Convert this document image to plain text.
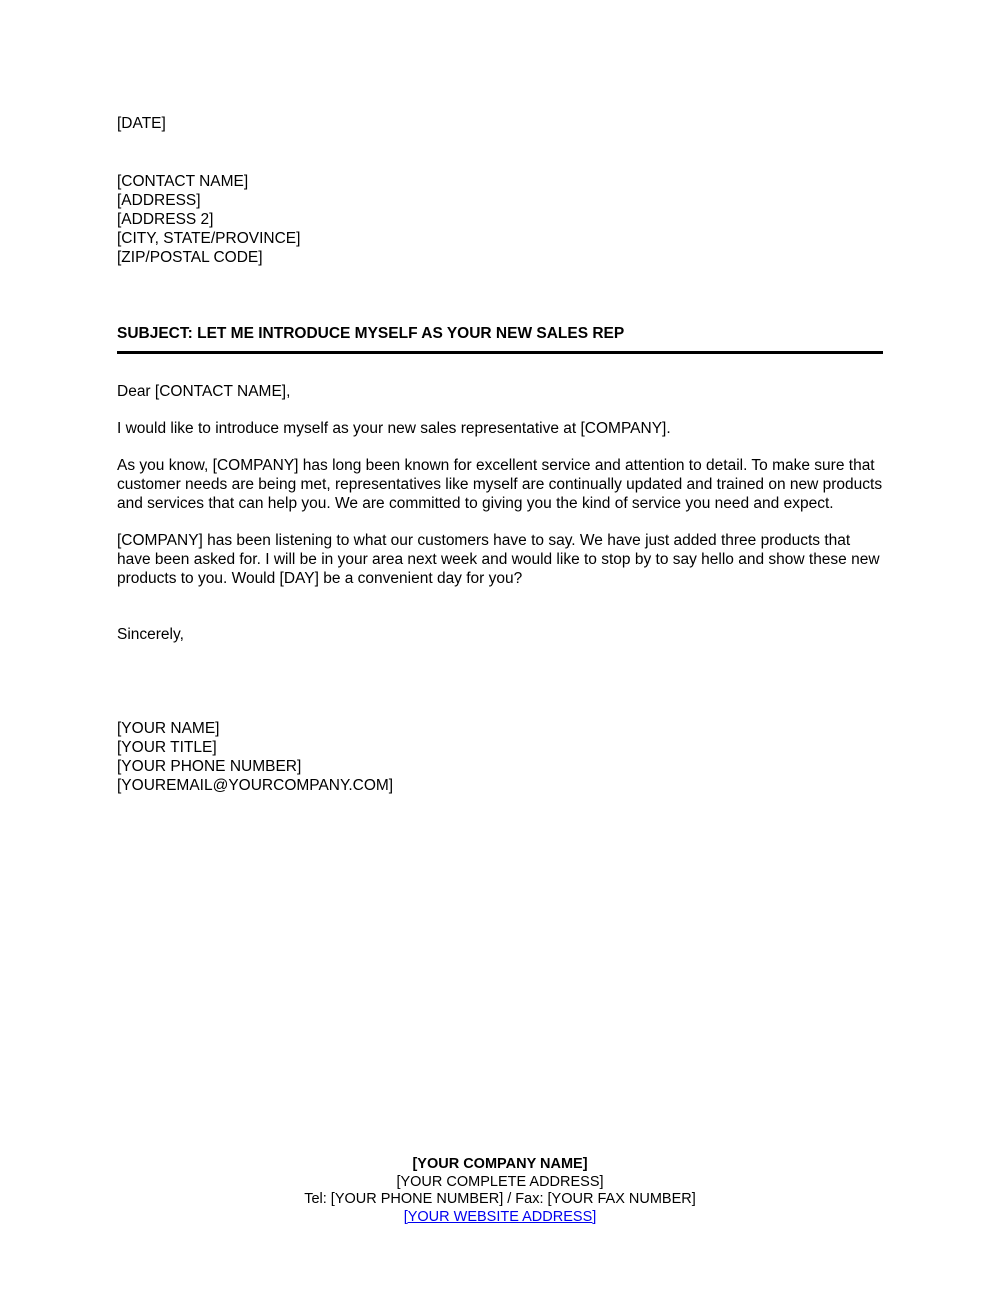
[DATE]

[CONTACT NAME]
[ADDRESS]
[ADDRESS 2]
[CITY, STATE/PROVINCE]
[ZIP/POSTAL CODE]

SUBJECT: LET ME INTRODUCE MYSELF AS YOUR NEW SALES REP

Dear [CONTACT NAME],

I would like to introduce myself as your new sales representative at [COMPANY].

As you know, [COMPANY] has long been known for excellent service and attention to detail. To make sure that customer needs are being met, representatives like myself are continually updated and trained on new products and services that can help you. We are committed to giving you the kind of service you need and expect.

[COMPANY] has been listening to what our customers have to say. We have just added three products that have been asked for. I will be in your area next week and would like to stop by to say hello and show these new products to you. Would [DAY] be a convenient day for you?

Sincerely,

[YOUR NAME]
[YOUR TITLE]
[YOUR PHONE NUMBER]
[YOUREMAIL@YOURCOMPANY.COM]
[YOUR COMPANY NAME]
[YOUR COMPLETE ADDRESS]
Tel: [YOUR PHONE NUMBER] / Fax: [YOUR FAX NUMBER]
[YOUR WEBSITE ADDRESS]
